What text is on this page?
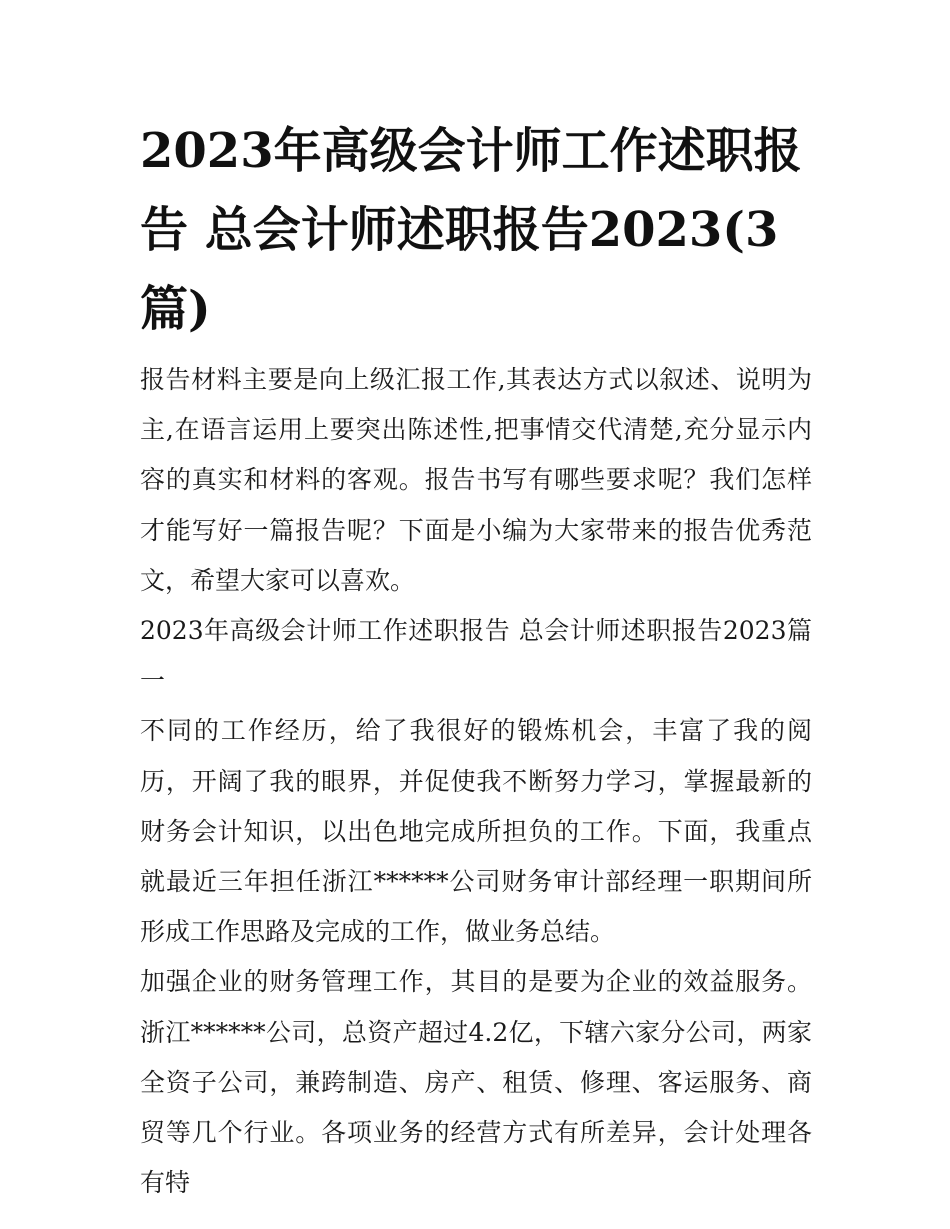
2023年高级会计师工作述职报告 总会计师述职报告2023(3篇)

报告材料主要是向上级汇报工作,其表达方式以叙述、说明为主,在语言运用上要突出陈述性,把事情交代清楚,充分显示内容的真实和材料的客观。报告书写有哪些要求呢？我们怎样才能写好一篇报告呢？下面是小编为大家带来的报告优秀范文，希望大家可以喜欢。

2023年高级会计师工作述职报告 总会计师述职报告2023篇一

不同的工作经历，给了我很好的锻炼机会，丰富了我的阅历，开阔了我的眼界，并促使我不断努力学习，掌握最新的财务会计知识，以出色地完成所担负的工作。下面，我重点就最近三年担任浙江******公司财务审计部经理一职期间所形成工作思路及完成的工作，做业务总结。

加强企业的财务管理工作，其目的是要为企业的效益服务。浙江******公司，总资产超过4.2亿，下辖六家分公司，两家全资子公司，兼跨制造、房产、租赁、修理、客运服务、商贸等几个行业。各项业务的经营方式有所差异，会计处理各有特
